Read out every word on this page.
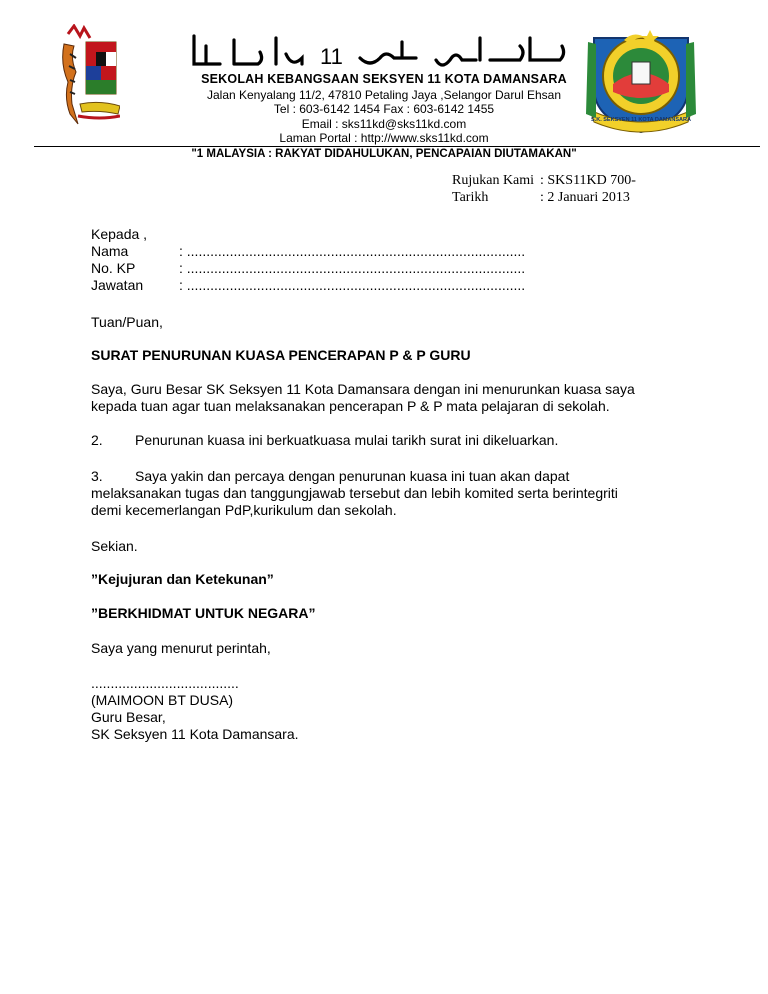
11
S.K. SEKSYEN 11 KOTA DAMANSARA
SEKOLAH KEBANGSAAN SEKSYEN 11 KOTA DAMANSARA
Jalan Kenyalang 11/2, 47810 Petaling Jaya ,Selangor Darul Ehsan
Tel : 603-6142 1454 Fax : 603-6142 1455
Email : sks11kd@sks11kd.com
Laman Portal : http://www.sks11kd.com
"1 MALAYSIA : RAKYAT DIDAHULUKAN, PENCAPAIAN DIUTAMAKAN"
Rujukan Kami : SKS11KD 700-
Tarikh	: 2 Januari 2013
Kepada ,
Nama	: .......................................................................................
No. KP	: .......................................................................................
Jawatan	: .......................................................................................
Tuan/Puan,
SURAT PENURUNAN KUASA PENCERAPAN P & P GURU
Saya, Guru Besar SK Seksyen 11 Kota Damansara dengan ini menurunkan kuasa saya
kepada tuan agar tuan melaksanakan pencerapan P & P mata pelajaran di sekolah.
2. Penurunan kuasa ini berkuatkuasa mulai tarikh surat ini dikeluarkan.
3. Saya yakin dan percaya dengan penurunan kuasa ini tuan akan dapat
melaksanakan tugas dan tanggungjawab tersebut dan lebih komited serta berintegriti
demi kecemerlangan PdP,kurikulum dan sekolah.
Sekian.
”Kejujuran dan Ketekunan”
”BERKHIDMAT UNTUK NEGARA”
Saya yang menurut perintah,
......................................
(MAIMOON BT DUSA)
Guru Besar,
SK Seksyen 11 Kota Damansara.
